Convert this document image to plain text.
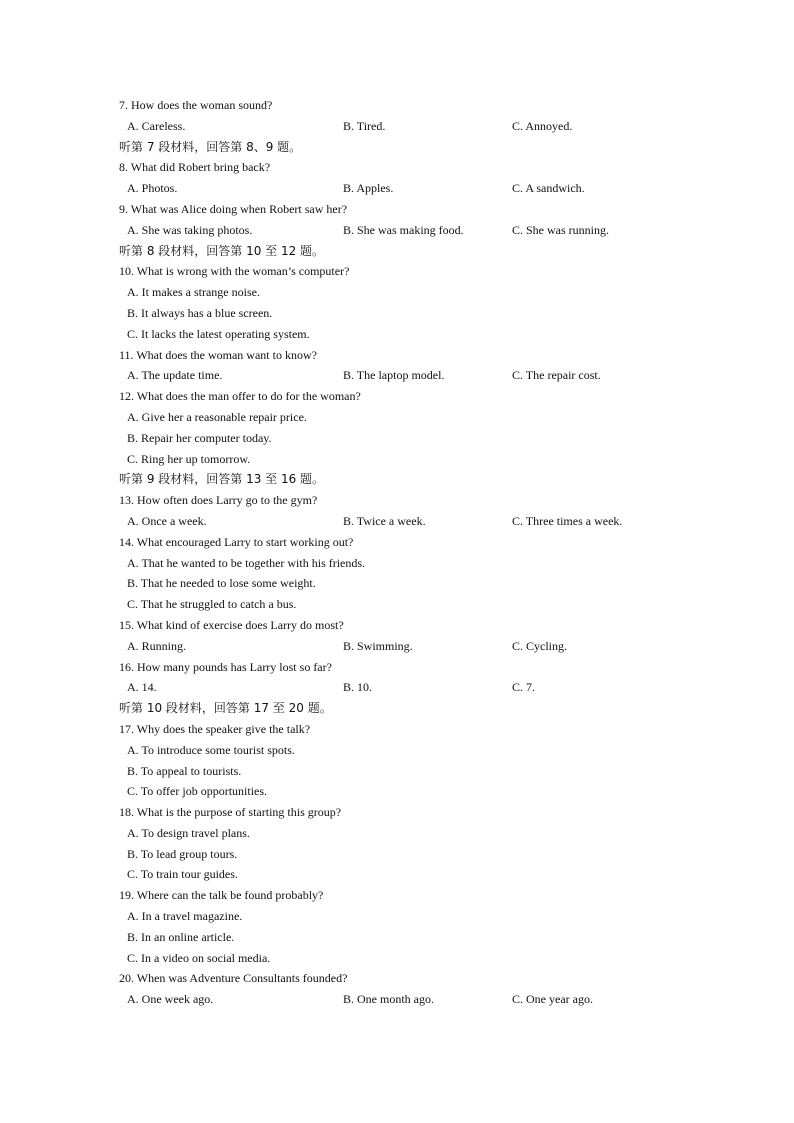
7. How does the woman sound?
A. Careless.	B. Tired.	C. Annoyed.
听第 7 段材料，回答第 8、9 题。
8. What did Robert bring back?
A. Photos.	B. Apples.	C. A sandwich.
9. What was Alice doing when Robert saw her?
A. She was taking photos.	B. She was making food.	C. She was running.
听第 8 段材料，回答第 10 至 12 题。
10. What is wrong with the woman’s computer?
A. It makes a strange noise.
B. It always has a blue screen.
C. It lacks the latest operating system.
11. What does the woman want to know?
A. The update time.	B. The laptop model.	C. The repair cost.
12. What does the man offer to do for the woman?
A. Give her a reasonable repair price.
B. Repair her computer today.
C. Ring her up tomorrow.
听第 9 段材料，回答第 13 至 16 题。
13. How often does Larry go to the gym?
A. Once a week.	B. Twice a week.	C. Three times a week.
14. What encouraged Larry to start working out?
A. That he wanted to be together with his friends.
B. That he needed to lose some weight.
C. That he struggled to catch a bus.
15. What kind of exercise does Larry do most?
A. Running.	B. Swimming.	C. Cycling.
16. How many pounds has Larry lost so far?
A. 14.	B. 10.	C. 7.
听第 10 段材料，回答第 17 至 20 题。
17. Why does the speaker give the talk?
A. To introduce some tourist spots.
B. To appeal to tourists.
C. To offer job opportunities.
18. What is the purpose of starting this group?
A. To design travel plans.
B. To lead group tours.
C. To train tour guides.
19. Where can the talk be found probably?
A. In a travel magazine.
B. In an online article.
C. In a video on social media.
20. When was Adventure Consultants founded?
A. One week ago.	B. One month ago.	C. One year ago.
